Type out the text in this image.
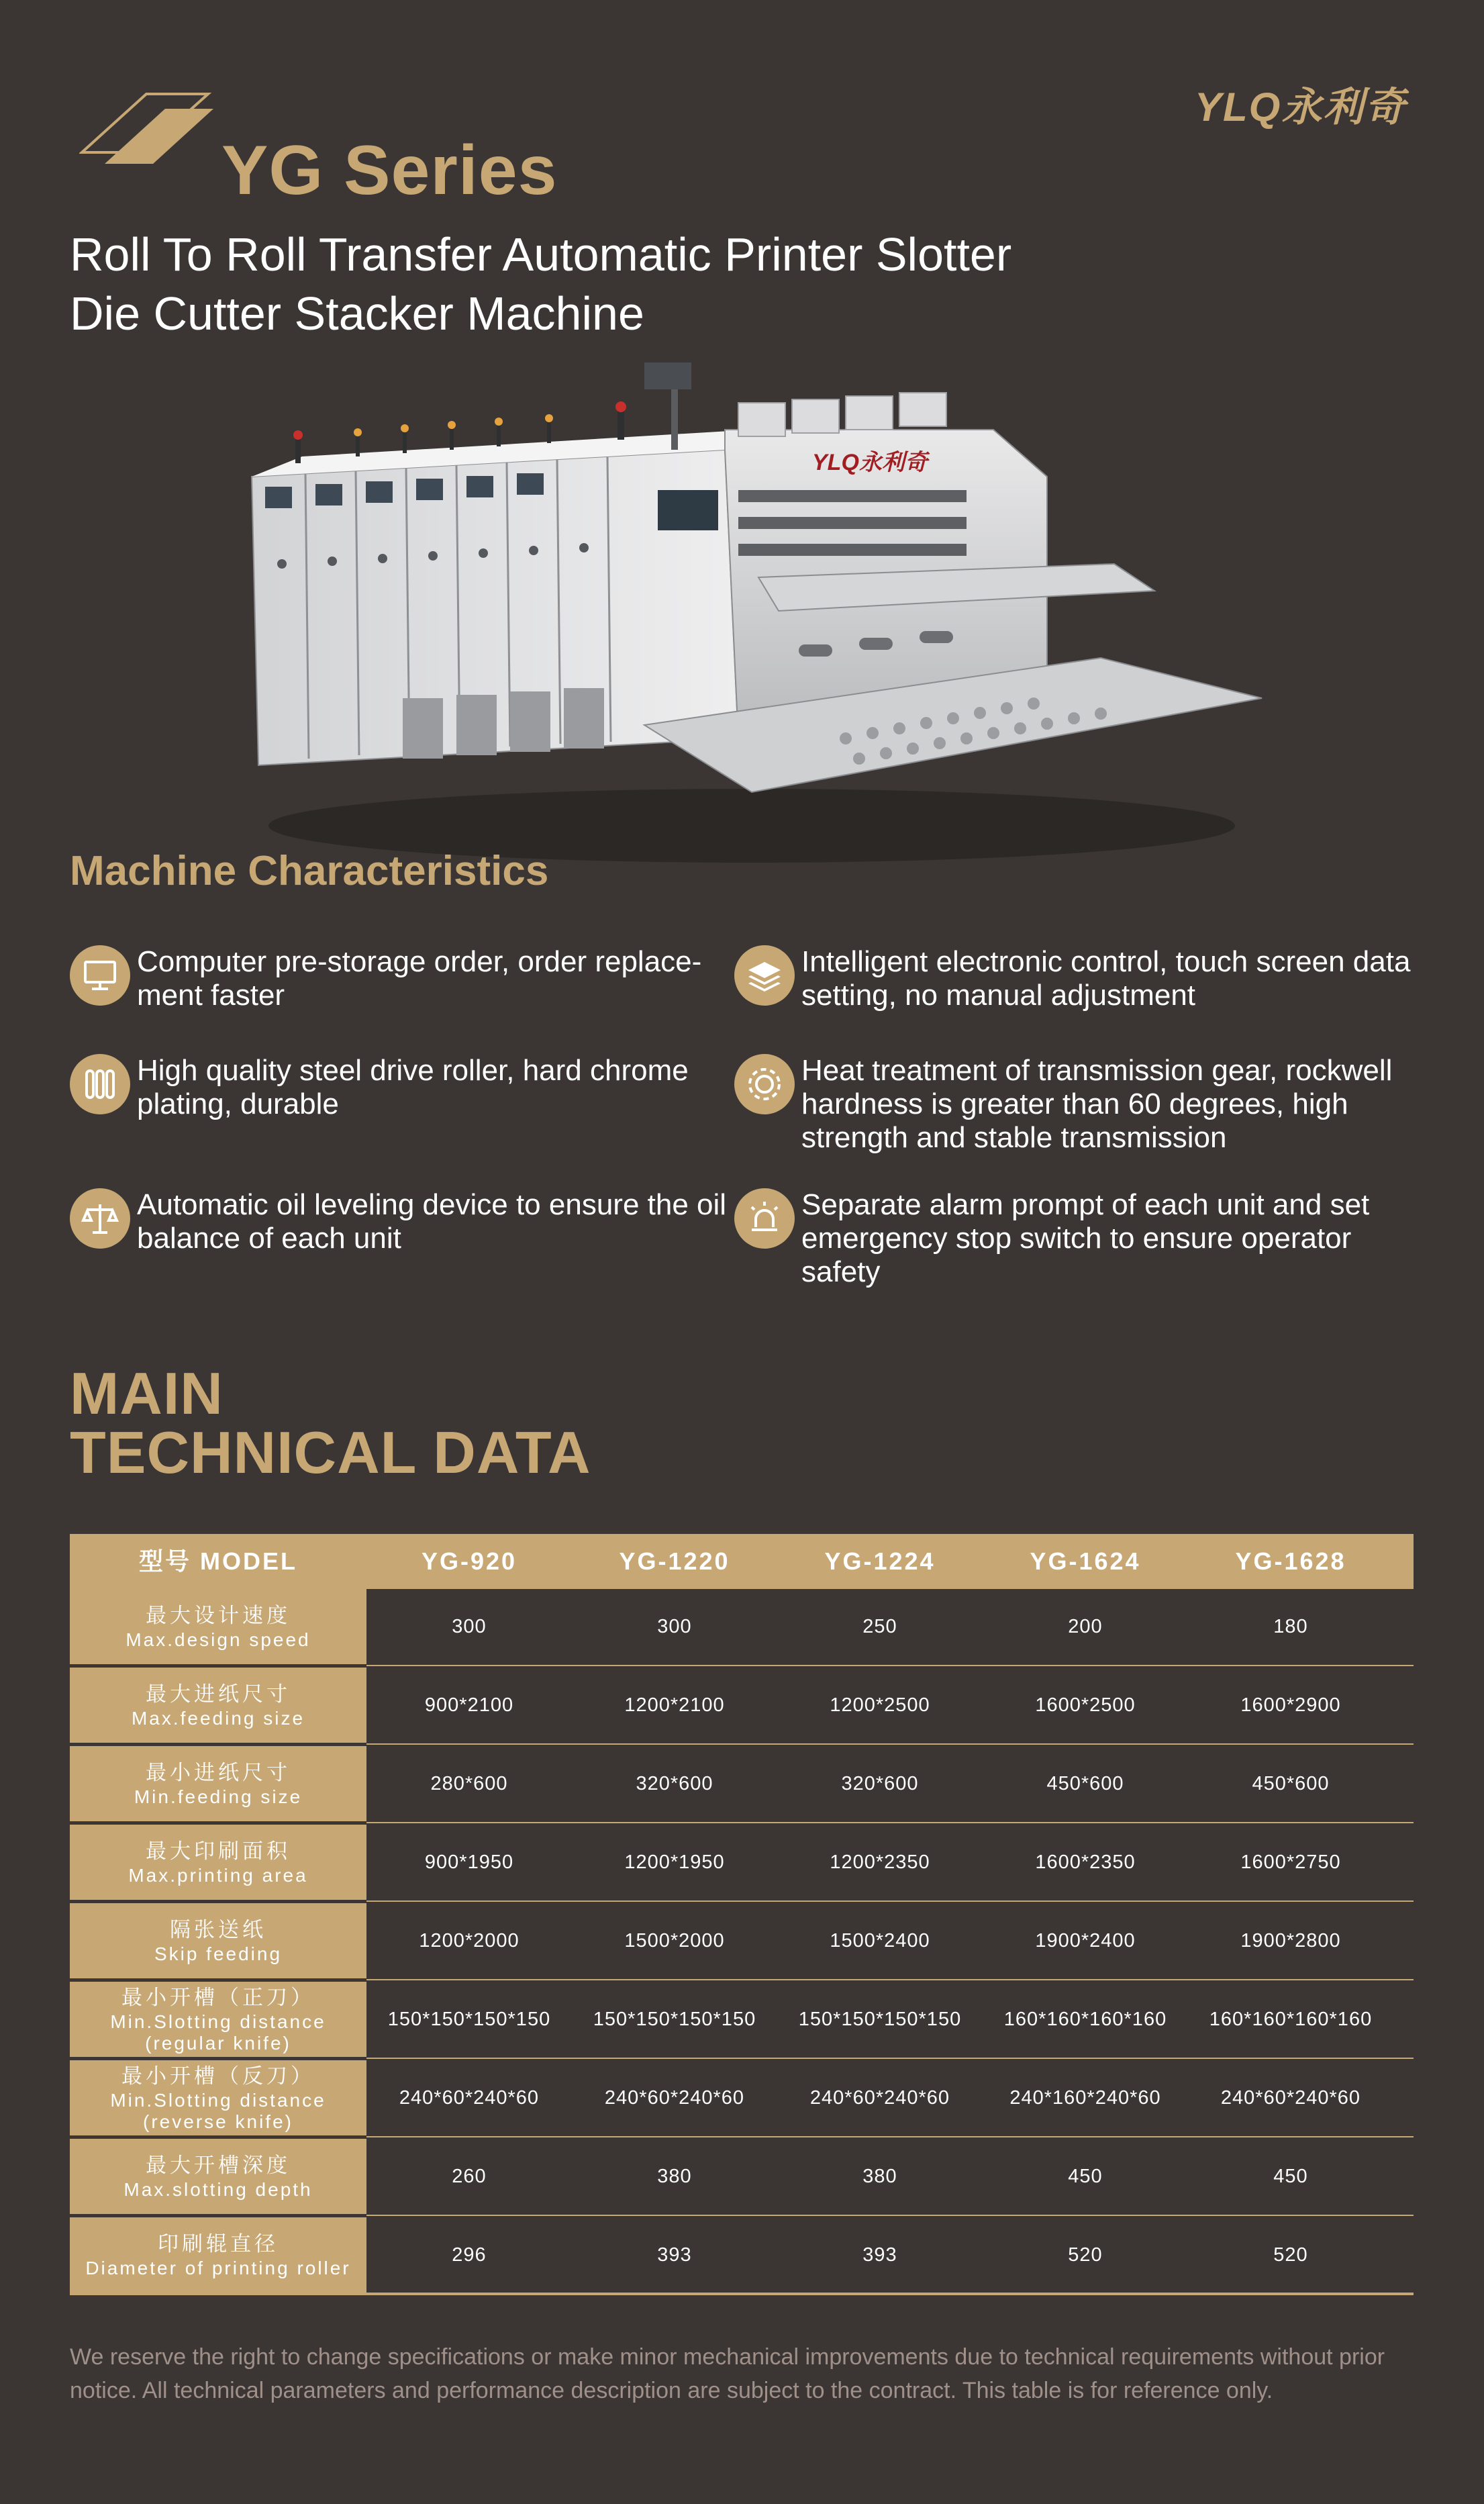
YG Series
YLQ永利奇
Roll To Roll Transfer Automatic Printer Slotter
Die Cutter Stacker Machine
YLQ永利奇
Machine Characteristics
Computer pre-storage order, order replace-ment faster
Intelligent electronic control, touch screen data setting, no manual adjustment
High quality steel drive roller, hard chrome plating, durable
Heat treatment of transmission gear, rockwell hardness is greater than 60 degrees, high strength and stable transmission
Automatic oil leveling device to ensure the oil balance of each unit
Separate alarm prompt of each unit and set emergency stop switch to ensure operator safety
MAIN
TECHNICAL DATA
型号 MODEL	YG-920	YG-1220	YG-1224	YG-1624	YG-1628
最大设计速度
Max.design speed
300	300	250	200	180
最大进纸尺寸
Max.feeding size
900*2100	1200*2100	1200*2500	1600*2500	1600*2900
最小进纸尺寸
Min.feeding size
280*600	320*600	320*600	450*600	450*600
最大印刷面积
Max.printing area
900*1950	1200*1950	1200*2350	1600*2350	1600*2750
隔张送纸
Skip feeding
1200*2000	1500*2000	1500*2400	1900*2400	1900*2800
最小开槽（正刀）
Min.Slotting distance (regular knife)
150*150*150*150	150*150*150*150	150*150*150*150	160*160*160*160	160*160*160*160
最小开槽（反刀）
Min.Slotting distance (reverse knife)
240*60*240*60	240*60*240*60	240*60*240*60	240*160*240*60	240*60*240*60
最大开槽深度
Max.slotting depth
260	380	380	450	450
印刷辊直径
Diameter of printing roller
296	393	393	520	520
We reserve the right to change specifications or make minor mechanical improvements due to technical requirements without prior notice. All technical parameters and performance description are subject to the contract. This table is for reference only.
